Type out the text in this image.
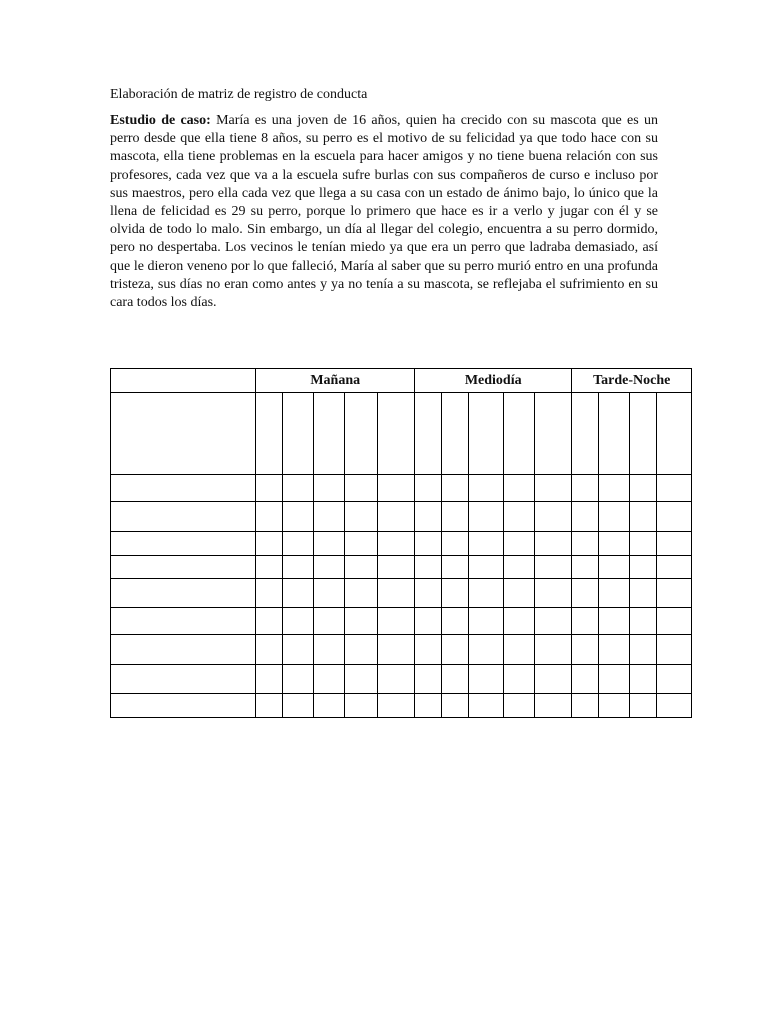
Elaboración de matriz de registro de conducta

Estudio de caso: María es una joven de 16 años, quien ha crecido con su mascota que es un perro desde que ella tiene 8 años, su perro es el motivo de su felicidad ya que todo hace con su mascota, ella tiene problemas en la escuela para hacer amigos y no tiene buena relación con sus profesores, cada vez que va a la escuela sufre burlas con sus compañeros de curso e incluso por sus maestros, pero ella cada vez que llega a su casa con un estado de ánimo bajo, lo único que la llena de felicidad es 29 su perro, porque lo primero que hace es ir a verlo y jugar con él y se olvida de todo lo malo. Sin embargo, un día al llegar del colegio, encuentra a su perro dormido, pero no despertaba. Los vecinos le tenían miedo ya que era un perro que ladraba demasiado, así que le dieron veneno por lo que falleció, María al saber que su perro murió entro en una profunda tristeza, sus días no eran como antes y ya no tenía a su mascota, se reflejaba el sufrimiento en su cara todos los días.

	Mañana					Mediodía					Tarde-Noche			
